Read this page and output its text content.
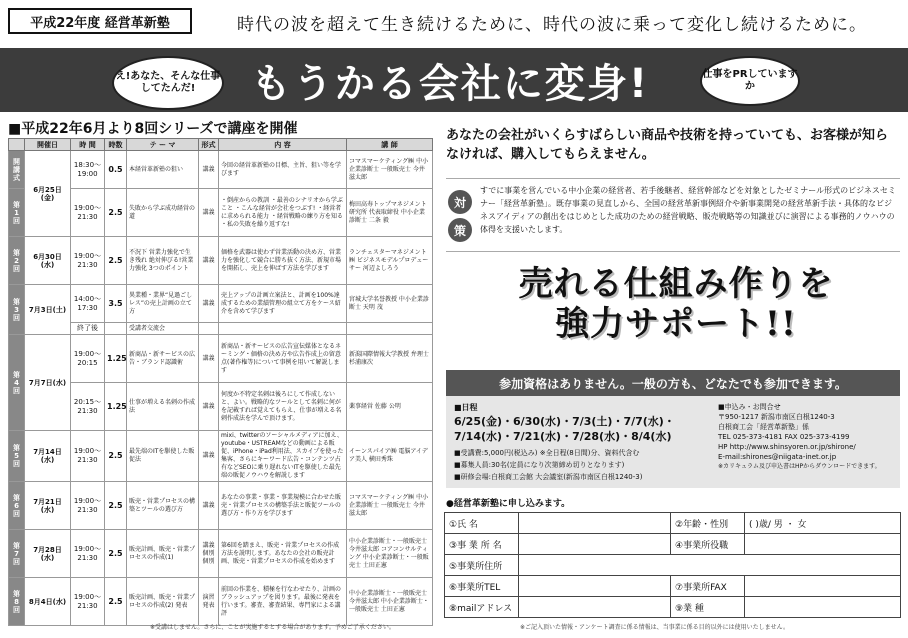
平成22年度 経営革新塾	時代の波を超えて生き続けるために、時代の波に乗って変化し続けるために。
もうかる会社に変身!
え!あなた、そんな仕事してたんだ!
仕事をPRしていますか
■平成22年6月より8回シリーズで講座を開催
	開催日	時 間	時数	テ ー マ	形式	内 容	講 師
開講式	6月25日(金)	18:30〜19:00	0.5	本経営革新塾の狙い	講義	今回の経営革新塾の目標、主旨、狙い等を学びます	コマスマーケティング㈱ 中小企業診断士 一般販売士 今井滋太郎
第1回		19:00〜21:30	2.5	失敗から学ぶ成功経営の道	講義	・倒産からの教訓 ・最善のシナリオから学ぶこと ・こんな経営が会社をつぶす! ・経営者に求められる能力 ・経営戦略の練り方を知る ・私の失敗を繰り返すな!	梅田高寿トップマネジメント研究所 代表取締役 中小企業診断士 二条 毅
第2回	6月30日(水)	19:00〜21:30	2.5	不況下 営業力強化で生き残れ 絶対伸びる!営業力強化 3つのポイント	講義	価格を武器は使わず営業活動の決め方、営業力を強化して競合に勝ち抜く方法、新規市場を開拓し、売上を伸ばす方法を学びます	ランチェスターマネジメント㈱ ビジネスモデルプロデューサー 河辺よしろう
第3回	7月3日(土)	14:00〜17:30	3.5	異業種・業界“見過ごしレス”の売上計画の立て方	講義	売上アップの計画立案法と、計画を100%達成するための業績管理の組立て方をケース紹介を含めて学びます	宮城大学名誉教授 中小企業診断士 天明 茂
		終了後		受講者交流会			
第4回	7月7日(水)	19:00〜20:15	1.25	新商品・新サービスの広告・ブランド認識術	講義	新商品・新サービスの広告宣伝媒体となるネーミング・価格の決め方や広告作成上の留意点(著作権等)について事例を用いて解説します	新潟国際情報大学教授 弁理士 杉浦康次
		20:15〜21:30	1.25	仕事が増える名刺の作成法	講義	何度か不特定名刺は後ろにして作成しないと、よい。戦略的なツールとして名刺に何がを記載すれば覚えてもらえ、仕事が増える名刺作成法を学んで頂けます。	薬事経営 佐藤 公明
第5回	7月14日(水)	19:00〜21:30	2.5	最先端のITを駆使した販促法	講義	mixi、twitterのソーシャルメディアに加え、youtube・USTREAMなどの動画による販促、iPhone・iPad利用法、スカイプを使った集客、さらにキーワード広告・コンテンツ占有などSEOに乗り遅れないITを駆使した最先端の販促ノウハウを解説します	イーンスパイア㈱ 電脳アイデア美人 横田秀珠
第6回	7月21日(水)	19:00〜21:30	2.5	販売・営業プロセスの構築とツールの選び方	講義	あなたの事業・事業・事業規模に合わせた販売・営業プロセスの構築手法と販促ツールの選び方・作り方を学びます	コマスマーケティング㈱ 中小企業診断士 一般販売士 今井滋太郎
第7回	7月28日(水)	19:00〜21:30	2.5	販売計画、販売・営業プロセスの作成(1)	講義 個別 個別	第6回を踏まえ、販売・営業プロセスの作成方法を説明します。あなたの会社の販売計画、販売・営業プロセスの作成を始めます	中小企業診断士・一般販売士 今井滋太郎 コアコンサルティング 中小企業診断士・一般販売士 土田正憲
第8回	8月4日(水)	19:00〜21:30	2.5	販売計画、販売・営業プロセスの作成(2) 発表	演習 発表	前回の作業を、積極を行なわせたり、計画のブラッシュアップを図ります。最後に発表を行います。審査、審査結果、専門家による講評	中小企業診断士・一般販売士 今井滋太郎 中小企業診断士・一般販売士 土田正憲
※受講はしません。さらに、ことが実施するとする場合があります。予めご了承ください。
あなたの会社がいくらすばらしい商品や技術を持っていても、お客様が知らなければ、購入してもらえません。
対
策
すでに事業を営んでいる中小企業の経営者、若手後継者、経営幹部などを対象としたゼミナール形式のビジネスセミナー「経営革新塾」。既存事業の見直しから、全国の経営革新事例紹介や新事業開発の経営革新手法・具体的なビジネスアイディアの創出をはじめとした成功のための経営戦略、販売戦略等の知識並びに演習による事務的ノウハウの体得を支援いたします。
売れる仕組み作りを
強力サポート!!
参加資格はありません。一般の方も、どなたでも参加できます。
■日程
6/25(金)・6/30(水)・7/3(土)・7/7(水)・7/14(水)・7/21(水)・7/28(水)・8/4(水)
■受講費:5,000円(税込み) ※全日程(8日間)分、資料代含む
■募集人員:30名(定員になり次第締め切りとなります)
■研修会場:白根商工会館 大会議室(新潟市南区白根1240-3)
■申込み・お問合せ
〒950-1217 新潟市南区白根1240-3
白根商工会「経営革新塾」係
TEL 025-373-4181 FAX 025-373-4199
HP http://www.shinsyoren.or.jp/shirone/
E-mail:shirones@niigata-inet.or.jp
※カリキュラム及び申込書はHPからダウンロードできます。
●経営革新塾に申し込みます。
①氏 名		②年齢・性別	( )歳/ 男 ・ 女
③事 業 所 名		④事業所役職	
⑤事業所住所			
⑥事業所TEL		⑦事業所FAX	
⑧mailアドレス		⑨業 種	
※ご記入頂いた情報・アンケート調査に係る情報は、当事業に係る目的以外には使用いたしません。
